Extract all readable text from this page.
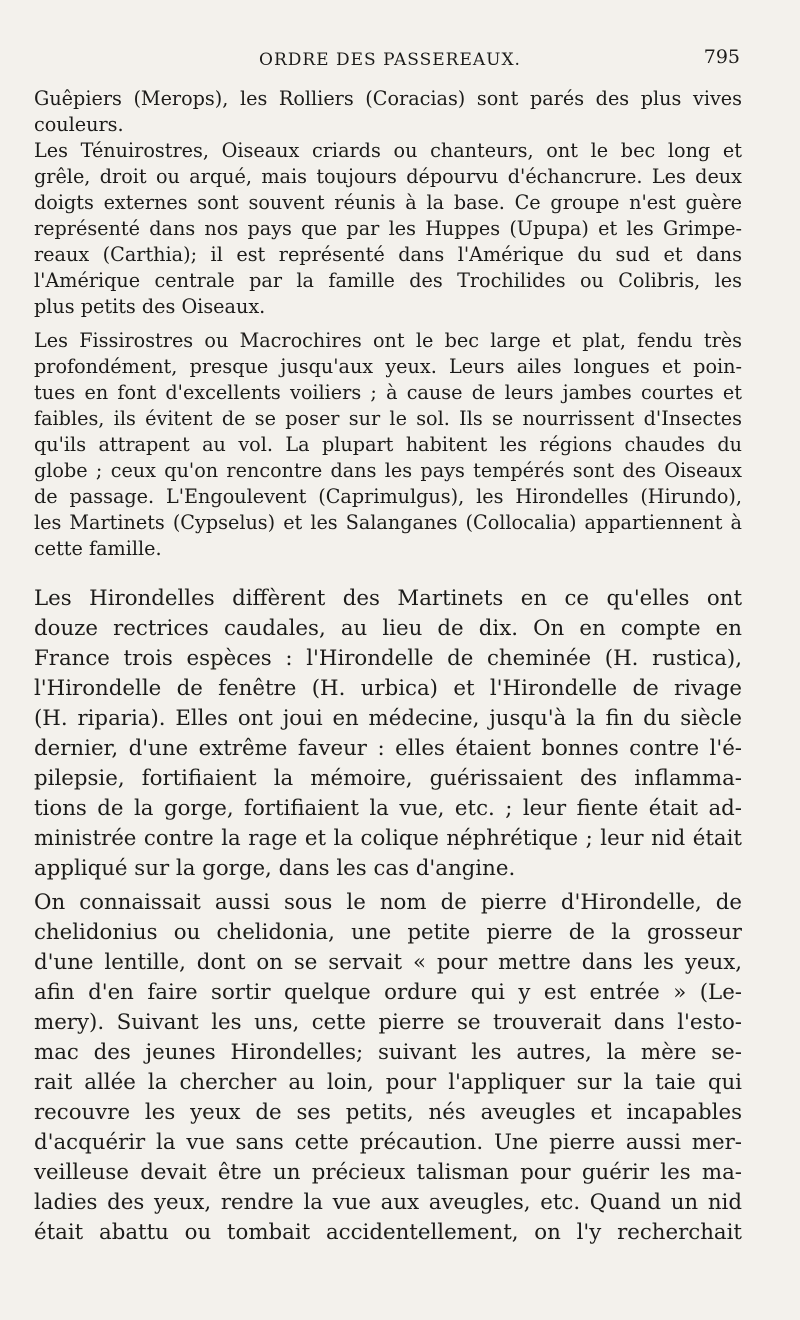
ORDRE DES PASSEREAUX.	795
Guêpiers (Merops), les Rolliers (Coracias) sont parés des plus vives
couleurs.
Les Ténuirostres, Oiseaux criards ou chanteurs, ont le bec long et
grêle, droit ou arqué, mais toujours dépourvu d'échancrure. Les deux
doigts externes sont souvent réunis à la base. Ce groupe n'est guère
représenté dans nos pays que par les Huppes (Upupa) et les Grimpe-
reaux (Carthia); il est représenté dans l'Amérique du sud et dans
l'Amérique centrale par la famille des Trochilides ou Colibris, les
plus petits des Oiseaux.
Les Fissirostres ou Macrochires ont le bec large et plat, fendu très
profondément, presque jusqu'aux yeux. Leurs ailes longues et poin-
tues en font d'excellents voiliers ; à cause de leurs jambes courtes et
faibles, ils évitent de se poser sur le sol. Ils se nourrissent d'Insectes
qu'ils attrapent au vol. La plupart habitent les régions chaudes du
globe ; ceux qu'on rencontre dans les pays tempérés sont des Oiseaux
de passage. L'Engoulevent (Caprimulgus), les Hirondelles (Hirundo),
les Martinets (Cypselus) et les Salanganes (Collocalia) appartiennent à
cette famille.
Les Hirondelles diffèrent des Martinets en ce qu'elles ont
douze rectrices caudales, au lieu de dix. On en compte en
France trois espèces : l'Hirondelle de cheminée (H. rustica),
l'Hirondelle de fenêtre (H. urbica) et l'Hirondelle de rivage
(H. riparia). Elles ont joui en médecine, jusqu'à la fin du siècle
dernier, d'une extrême faveur : elles étaient bonnes contre l'é-
pilepsie, fortifiaient la mémoire, guérissaient des inflamma-
tions de la gorge, fortifiaient la vue, etc. ; leur fiente était ad-
ministrée contre la rage et la colique néphrétique ; leur nid était
appliqué sur la gorge, dans les cas d'angine.
On connaissait aussi sous le nom de pierre d'Hirondelle, de
chelidonius ou chelidonia, une petite pierre de la grosseur
d'une lentille, dont on se servait « pour mettre dans les yeux,
afin d'en faire sortir quelque ordure qui y est entrée » (Le-
mery). Suivant les uns, cette pierre se trouverait dans l'esto-
mac des jeunes Hirondelles; suivant les autres, la mère se-
rait allée la chercher au loin, pour l'appliquer sur la taie qui
recouvre les yeux de ses petits, nés aveugles et incapables
d'acquérir la vue sans cette précaution. Une pierre aussi mer-
veilleuse devait être un précieux talisman pour guérir les ma-
ladies des yeux, rendre la vue aux aveugles, etc. Quand un nid
était abattu ou tombait accidentellement, on l'y recherchait
